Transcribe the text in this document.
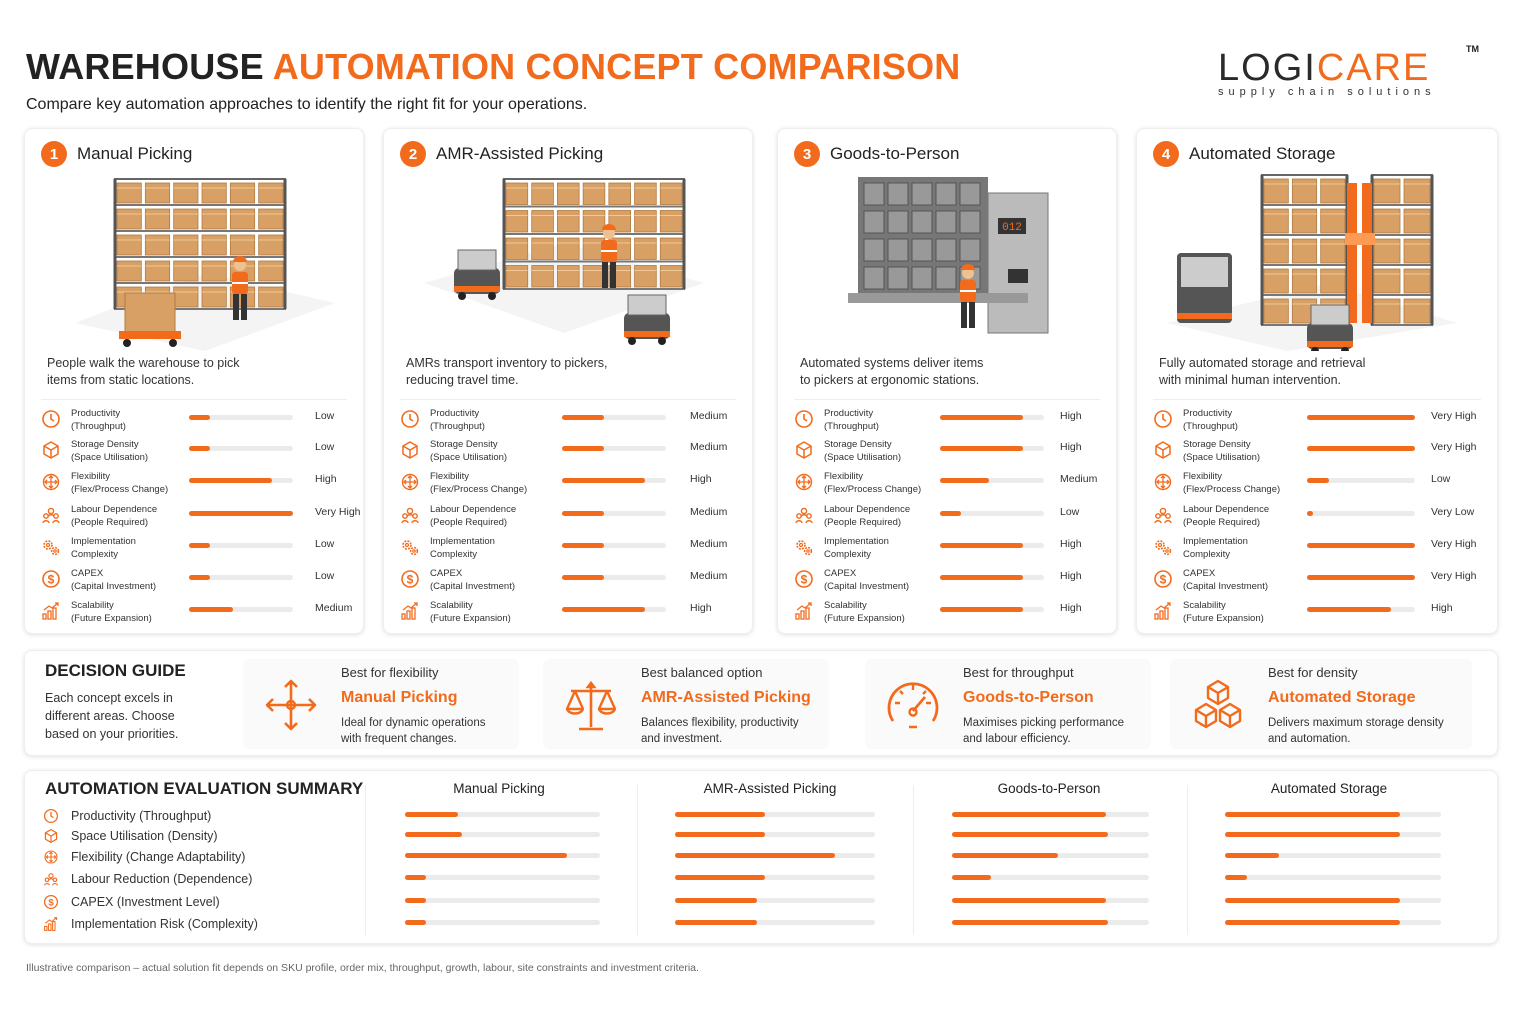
WAREHOUSE AUTOMATION CONCEPT COMPARISON
Compare key automation approaches to identify the right fit for your operations.
LOGICARE	TM
supply chain solutions
1	Manual Picking
People walk the warehouse to pick
items from static locations.
Productivity
(Throughput)
Low
Storage Density
(Space Utilisation)
Low
Flexibility
(Flex/Process Change)
High
Labour Dependence
(People Required)
Very High
Implementation
Complexity
Low
$ CAPEX
(Capital Investment)
Low
Scalability
(Future Expansion)
Medium
2	AMR-Assisted Picking
AMRs transport inventory to pickers,
reducing travel time.
Productivity
(Throughput)
Medium
Storage Density
(Space Utilisation)
Medium
Flexibility
(Flex/Process Change)
High
Labour Dependence
(People Required)
Medium
Implementation
Complexity
Medium
$ CAPEX
(Capital Investment)
Medium
Scalability
(Future Expansion)
High
3	Goods-to-Person
012
Automated systems deliver items
to pickers at ergonomic stations.
Productivity
(Throughput)
High
Storage Density
(Space Utilisation)
High
Flexibility
(Flex/Process Change)
Medium
Labour Dependence
(People Required)
Low
Implementation
Complexity
High
$ CAPEX
(Capital Investment)
High
Scalability
(Future Expansion)
High
4	Automated Storage
Fully automated storage and retrieval
with minimal human intervention.
Productivity
(Throughput)
Very High
Storage Density
(Space Utilisation)
Very High
Flexibility
(Flex/Process Change)
Low
Labour Dependence
(People Required)
Very Low
Implementation
Complexity
Very High
$ CAPEX
(Capital Investment)
Very High
Scalability
(Future Expansion)
High
DECISION GUIDE
Each concept excels in
different areas. Choose
based on your priorities.
Best for flexibility
Manual Picking
Ideal for dynamic operations
with frequent changes.
Best balanced option
AMR-Assisted Picking
Balances flexibility, productivity
and investment.
Best for throughput
Goods-to-Person
Maximises picking performance
and labour efficiency.
Best for density
Automated Storage
Delivers maximum storage density
and automation.
AUTOMATION EVALUATION SUMMARY
Productivity (Throughput)
Space Utilisation (Density)
Flexibility (Change Adaptability)
Labour Reduction (Dependence)
$ CAPEX (Investment Level)
Implementation Risk (Complexity)
Manual Picking	AMR-Assisted Picking	Goods-to-Person	Automated Storage
Illustrative comparison – actual solution fit depends on SKU profile, order mix, throughput, growth, labour, site constraints and investment criteria.
